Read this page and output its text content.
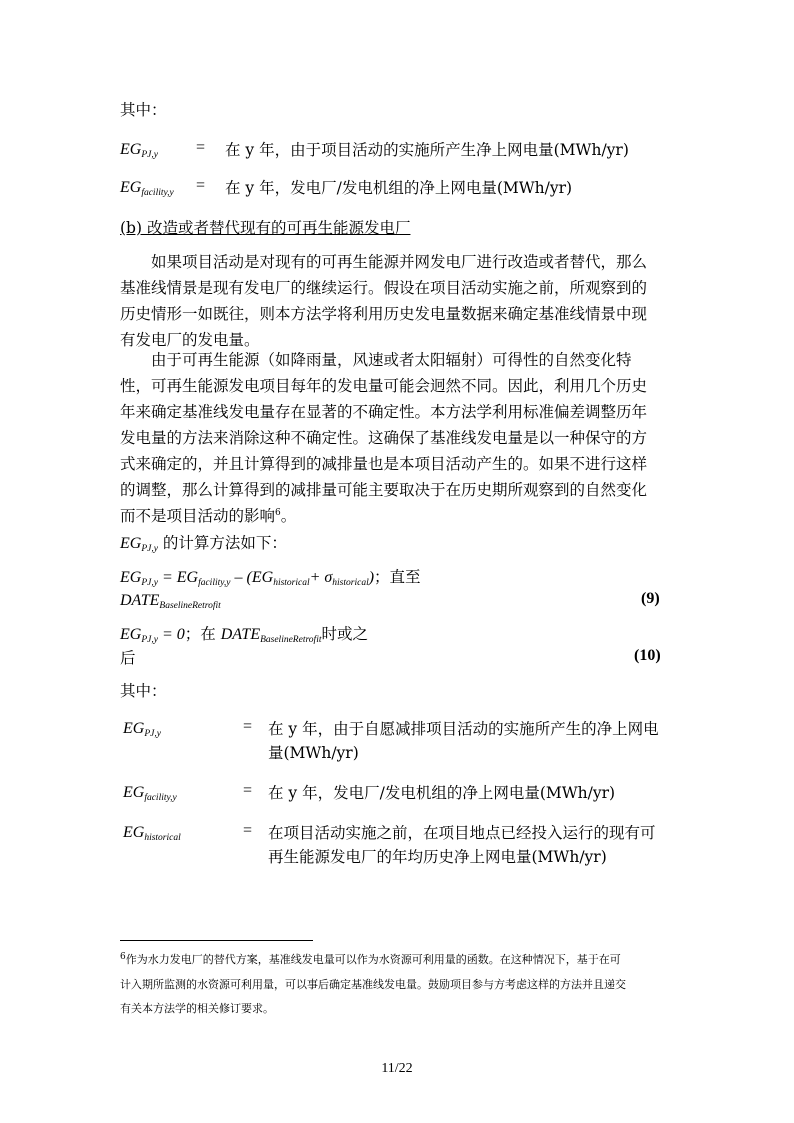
其中：
EGPJ,y = 在 y 年，由于项目活动的实施所产生净上网电量(MWh/yr)
EGfacility,y = 在 y 年，发电厂/发电机组的净上网电量(MWh/yr)
(b) 改造或者替代现有的可再生能源发电厂
　　如果项目活动是对现有的可再生能源并网发电厂进行改造或者替代，那么
基准线情景是现有发电厂的继续运行。假设在项目活动实施之前，所观察到的
历史情形一如既往，则本方法学将利用历史发电量数据来确定基准线情景中现
有发电厂的发电量。
　　由于可再生能源（如降雨量，风速或者太阳辐射）可得性的自然变化特
性，可再生能源发电项目每年的发电量可能会迥然不同。因此，利用几个历史
年来确定基准线发电量存在显著的不确定性。本方法学利用标准偏差调整历年
发电量的方法来消除这种不确定性。这确保了基准线发电量是以一种保守的方
式来确定的，并且计算得到的减排量也是本项目活动产生的。如果不进行这样
的调整，那么计算得到的减排量可能主要取决于在历史期所观察到的自然变化
而不是项目活动的影响$^6$。
EGPJ,y 的计算方法如下：
EGPJ,y = EGfacility,y – (EGhistorical+ σhistorical)；直至
DATEBaselineRetrofit	(9)
EGPJ,y = 0；在 DATEBaselineRetrofit时或之
后	(10)
其中：
EGPJ,y	= 在 y 年，由于自愿减排项目活动的实施所产生的净上网电
量(MWh/yr)
EGfacility,y	= 在 y 年，发电厂/发电机组的净上网电量(MWh/yr)
EGhistorical	= 在项目活动实施之前，在项目地点已经投入运行的现有可
再生能源发电厂的年均历史净上网电量(MWh/yr)
$^6$作为水力发电厂的替代方案，基准线发电量可以作为水资源可利用量的函数。在这种情况下，基于在可
计入期所监测的水资源可利用量，可以事后确定基准线发电量。鼓励项目参与方考虑这样的方法并且递交
有关本方法学的相关修订要求。
11/22
